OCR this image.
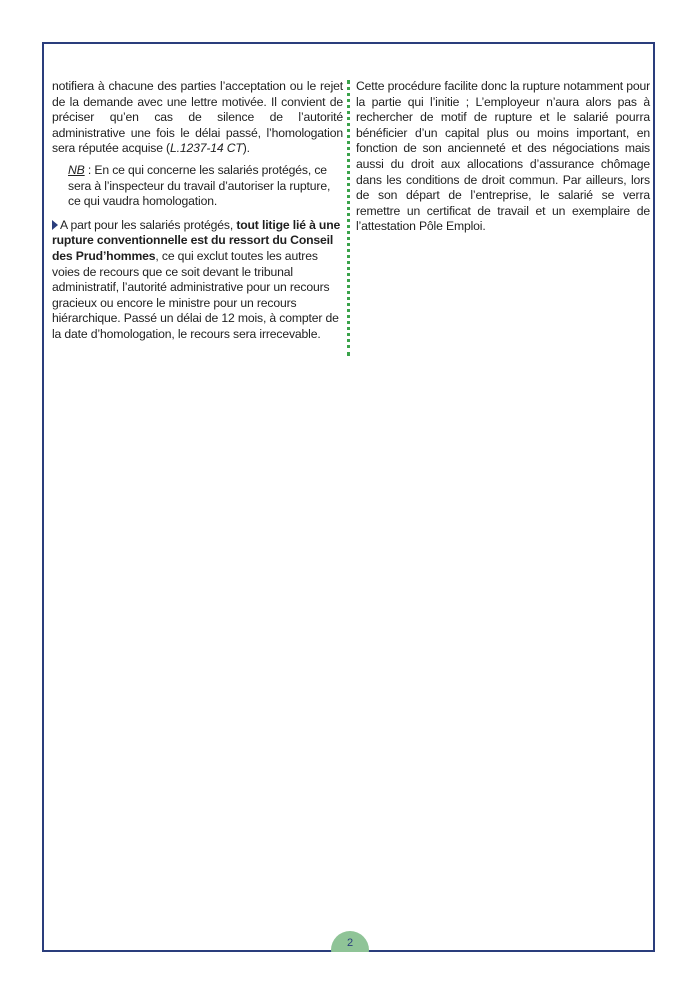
notifiera à chacune des parties l’acceptation ou le rejet de la demande avec une lettre motivée. Il convient de préciser qu’en cas de silence de l’autorité administrative une fois le délai passé, l’homologation sera réputée acquise (L.1237-14 CT).

NB : En ce qui concerne les salariés protégés, ce sera à l’inspecteur du travail d’autoriser la rupture, ce qui vaudra homologation.

A part pour les salariés protégés, tout litige lié à une rupture conventionnelle est du ressort du Conseil des Prud’hommes, ce qui exclut toutes les autres voies de recours que ce soit devant le tribunal administratif, l’autorité administrative pour un recours gracieux ou encore le ministre pour un recours hiérarchique. Passé un délai de 12 mois, à compter de la date d’homologation, le recours sera irrecevable.

Cette procédure facilite donc la rupture notamment pour la partie qui l’initie ; L’employeur n’aura alors pas à rechercher de motif de rupture et le salarié pourra bénéficier d’un capital plus ou moins important, en fonction de son ancienneté et des négociations mais aussi du droit aux allocations d’assurance chômage dans les conditions de droit commun. Par ailleurs, lors de son départ de l’entreprise, le salarié se verra remettre un certificat de travail et un exemplaire de l’attestation Pôle Emploi.

2
